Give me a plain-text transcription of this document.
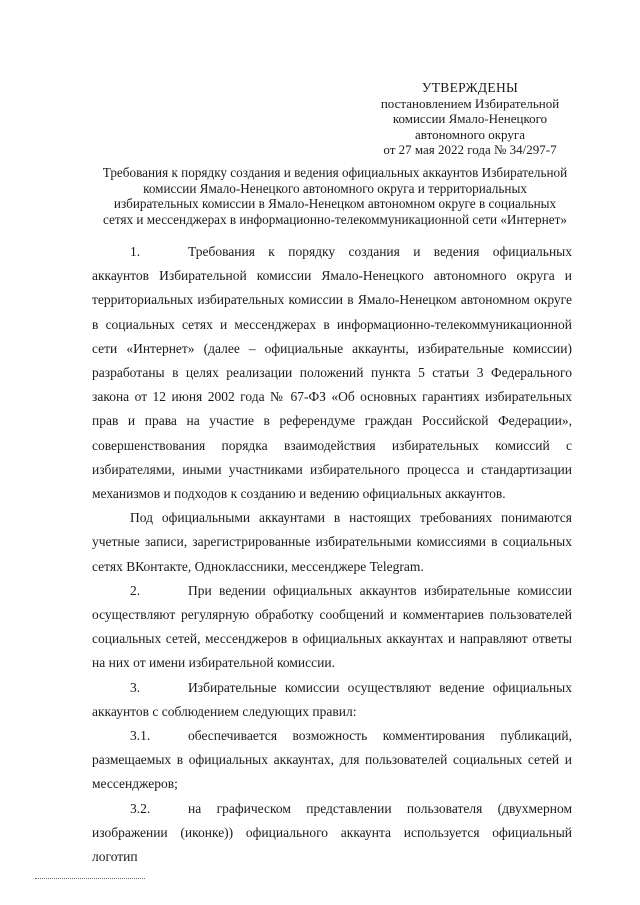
УТВЕРЖДЕНЫ
постановлением Избирательной
комиссии Ямало-Ненецкого
автономного округа
от 27 мая 2022 года № 34/297-7
Требования к порядку создания и ведения официальных аккаунтов Избирательной
комиссии Ямало-Ненецкого автономного округа и территориальных
избирательных комиссии в Ямало-Ненецком автономном округе в социальных
сетях и мессенджерах в информационно-телекоммуникационной сети «Интернет»

1.	Требования к порядку создания и ведения официальных аккаунтов Избирательной комиссии Ямало-Ненецкого автономного округа и территориальных избирательных комиссии в Ямало-Ненецком автономном округе в социальных сетях и мессенджерах в информационно-телекоммуникационной сети «Интернет» (далее – официальные аккаунты, избирательные комиссии) разработаны в целях реализации положений пункта 5 статьи 3 Федерального закона от 12 июня 2002 года № 67-ФЗ «Об основных гарантиях избирательных прав и права на участие в референдуме граждан Российской Федерации», совершенствования порядка взаимодействия избирательных комиссий с избирателями, иными участниками избирательного процесса и стандартизации механизмов и подходов к созданию и ведению официальных аккаунтов.

Под официальными аккаунтами в настоящих требованиях понимаются учетные записи, зарегистрированные избирательными комиссиями в социальных сетях ВКонтакте, Одноклассники, мессенджере Telegram.

2.	При ведении официальных аккаунтов избирательные комиссии осуществляют регулярную обработку сообщений и комментариев пользователей социальных сетей, мессенджеров в официальных аккаунтах и направляют ответы на них от имени избирательной комиссии.

3.	Избирательные комиссии осуществляют ведение официальных аккаунтов с соблюдением следующих правил:

3.1.	обеспечивается возможность комментирования публикаций, размещаемых в официальных аккаунтах, для пользователей социальных сетей и мессенджеров;

3.2.	на графическом представлении пользователя (двухмерном изображении (иконке)) официального аккаунта используется официальный логотип
